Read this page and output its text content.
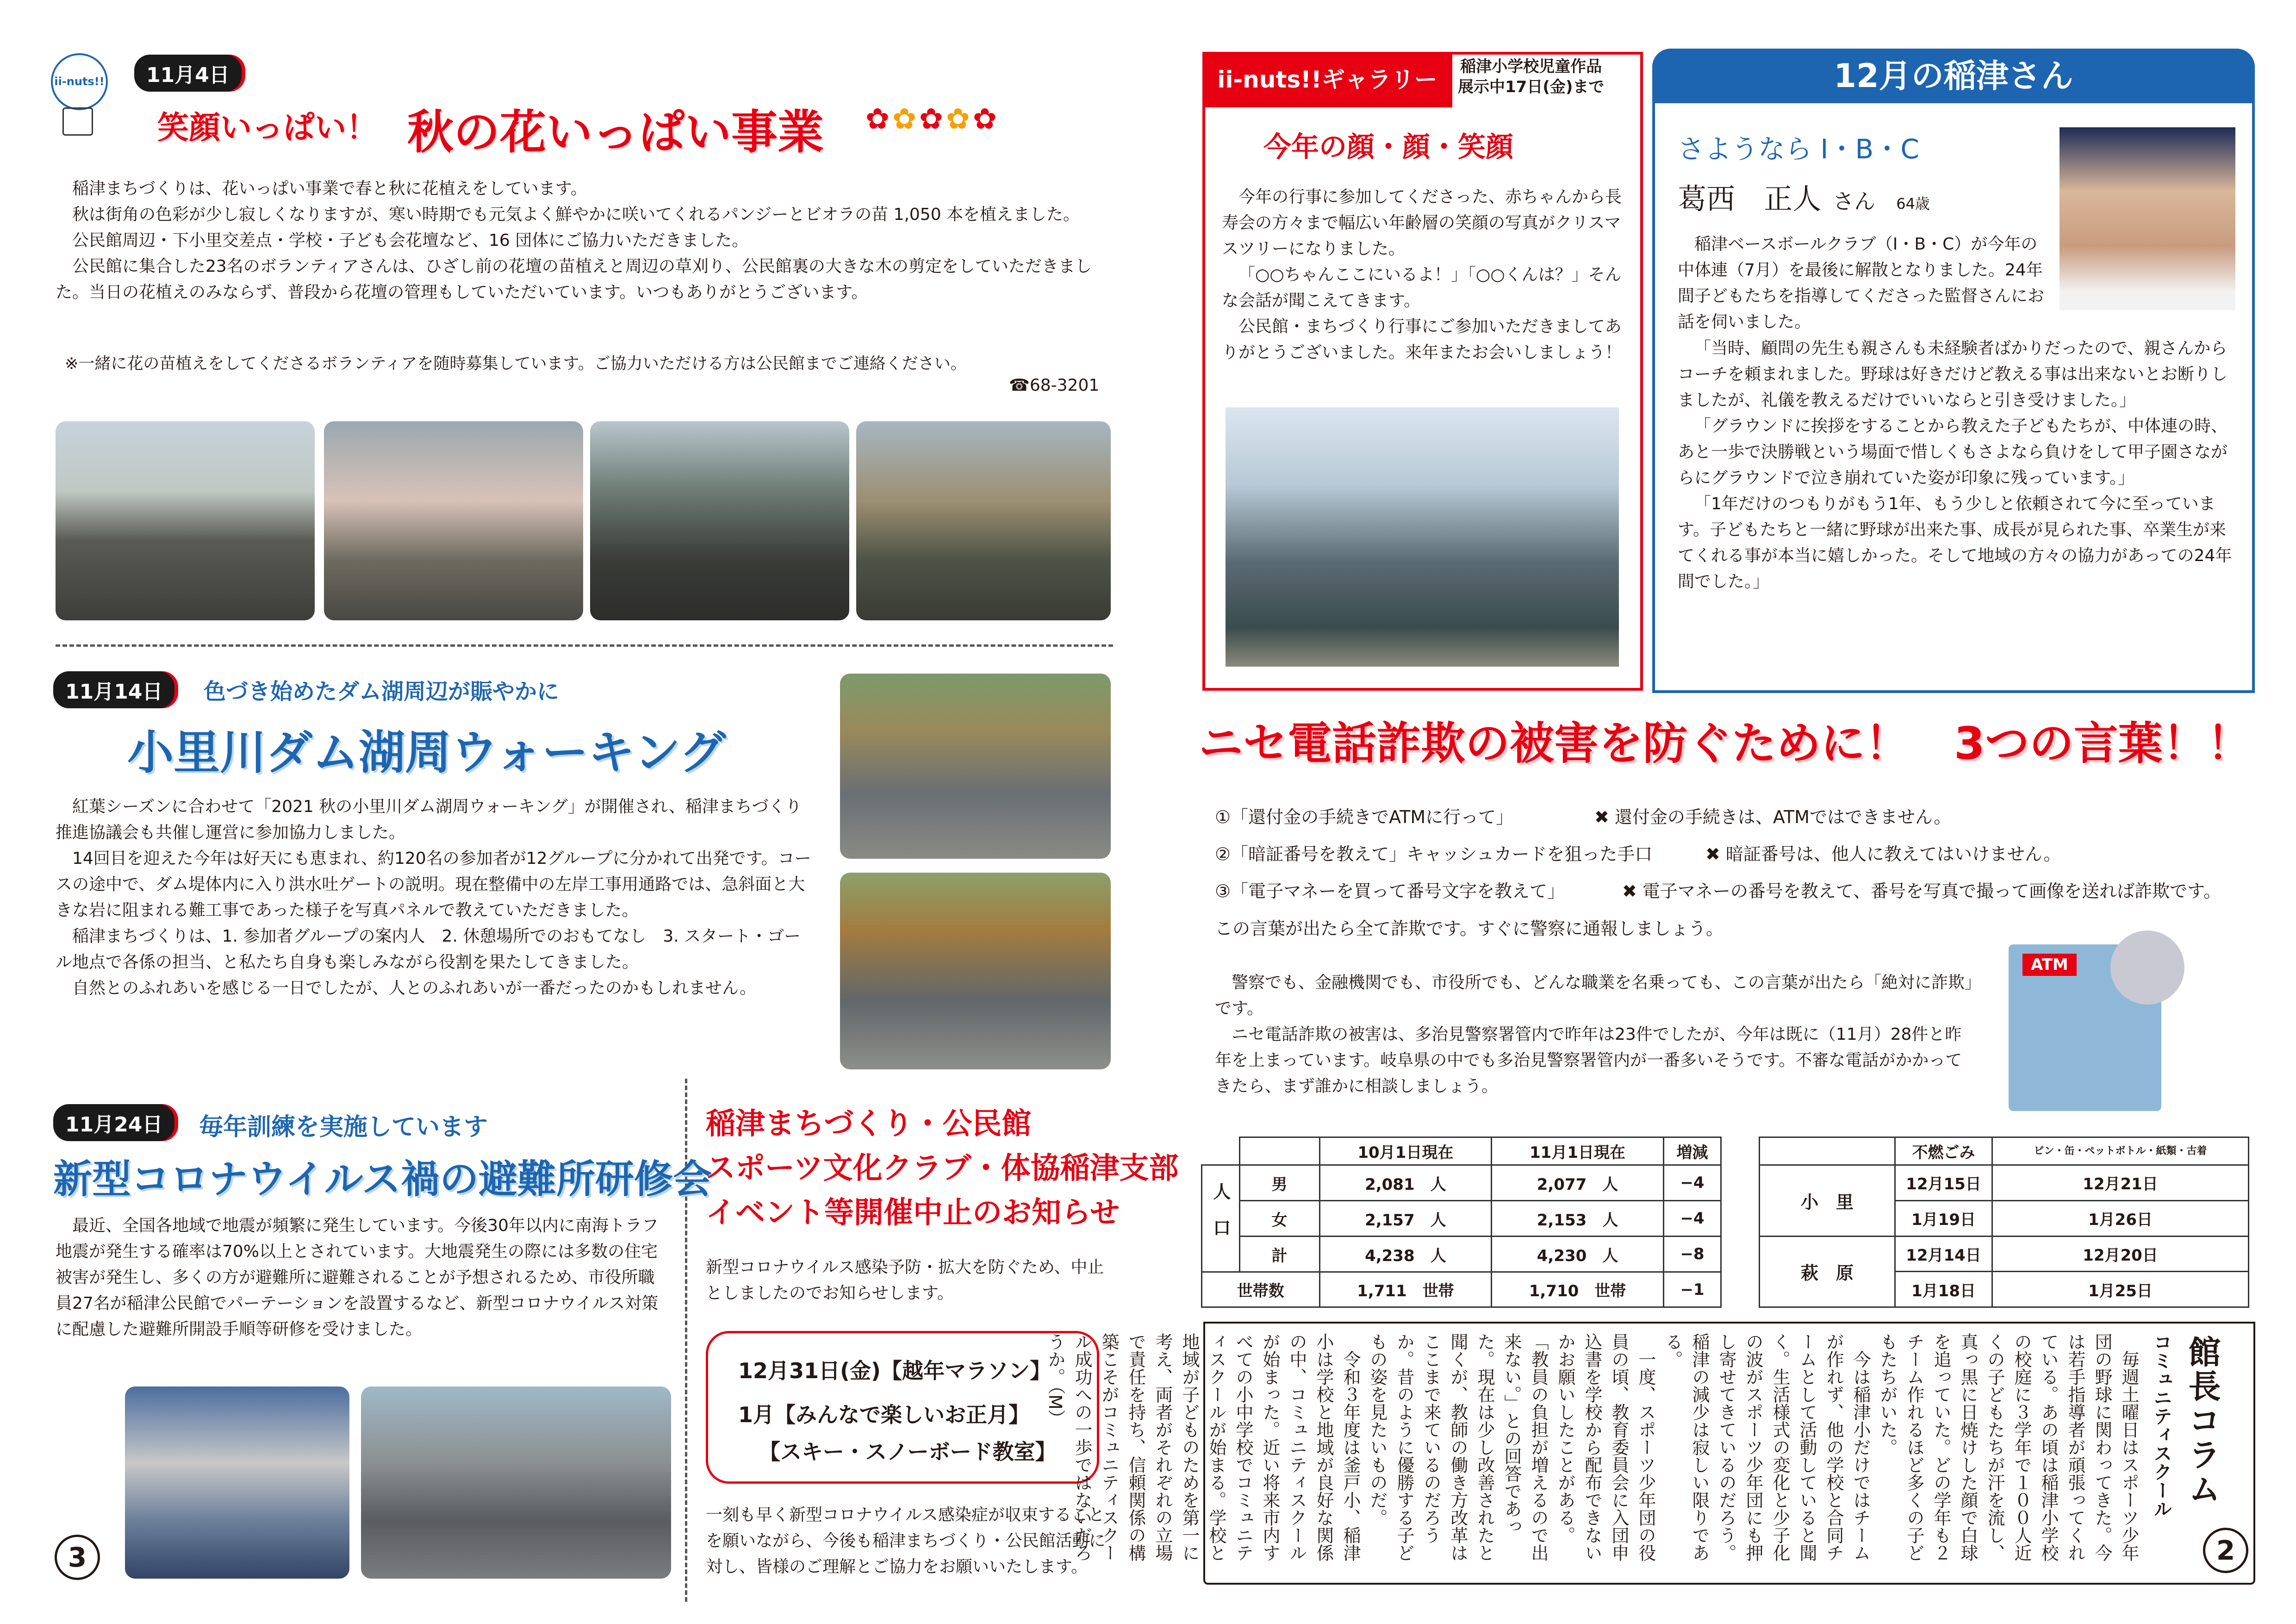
ii-nuts!!	11月4日
笑顔いっぱい！ 秋の花いっぱい事業 ✿✿✿✿✿

稲津まちづくりは、花いっぱい事業で春と秋に花植えをしています。

秋は街角の色彩が少し寂しくなりますが、寒い時期でも元気よく鮮やかに咲いてくれるパンジーとビオラの苗 1,050 本を植えました。

公民館周辺・下小里交差点・学校・子ども会花壇など、16 団体にご協力いただきました。

公民館に集合した23名のボランティアさんは、ひざし前の花壇の苗植えと周辺の草刈り、公民館裏の大きな木の剪定をしていただきました。当日の花植えのみならず、普段から花壇の管理もしていただいています。いつもありがとうございます。

※一緒に花の苗植えをしてくださるボランティアを随時募集しています。ご協力いただける方は公民館までご連絡ください。
☎68-3201
11月14日	色づき始めたダム湖周辺が賑やかに
小里川ダム湖周ウォーキング

紅葉シーズンに合わせて「2021 秋の小里川ダム湖周ウォーキング」が開催され、稲津まちづくり推進協議会も共催し運営に参加協力しました。

14回目を迎えた今年は好天にも恵まれ、約120名の参加者が12グループに分かれて出発です。コースの途中で、ダム堤体内に入り洪水吐ゲートの説明。現在整備中の左岸工事用通路では、急斜面と大きな岩に阻まれる難工事であった様子を写真パネルで教えていただきました。

稲津まちづくりは、1. 参加者グループの案内人　2. 休憩場所でのおもてなし　3. スタート・ゴール地点で各係の担当、と私たち自身も楽しみながら役割を果たしてきました。

自然とのふれあいを感じる一日でしたが、人とのふれあいが一番だったのかもしれません。

11月24日	毎年訓練を実施しています
新型コロナウイルス禍の避難所研修会

最近、全国各地域で地震が頻繁に発生しています。今後30年以内に南海トラフ地震が発生する確率は70%以上とされています。大地震発生の際には多数の住宅被害が発生し、多くの方が避難所に避難されることが予想されるため、市役所職員27名が稲津公民館でパーテーションを設置するなど、新型コロナウイルス対策に配慮した避難所開設手順等研修を受けました。

3
稲津まちづくり・公民館
スポーツ文化クラブ・体協稲津支部
イベント等開催中止のお知らせ

新型コロナウイルス感染予防・拡大を防ぐため、中止としましたのでお知らせします。

12月31日(金)【越年マラソン】
1月【みんなで楽しいお正月】
【スキー・スノーボード教室】

一刻も早く新型コロナウイルス感染症が収束することを願いながら、今後も稲津まちづくり・公民館活動に対し、皆様のご理解とご協力をお願いいたします。

ii-nuts!!ギャラリー	稲津小学校児童作品
展示中17日(金)まで
今年の顔・顔・笑顔

今年の行事に参加してくださった、赤ちゃんから長寿会の方々まで幅広い年齢層の笑顔の写真がクリスマスツリーになりました。

「○○ちゃんここにいるよ！」「○○くんは？」そんな会話が聞こえてきます。

公民館・まちづくり行事にご参加いただきましてありがとうございました。来年またお会いしましょう！

12月の稲津さん
さようなら I・B・C
葛西　正人 さん 64歳

稲津ベースボールクラブ（I・B・C）が今年の中体連（7月）を最後に解散となりました。24年間子どもたちを指導してくださった監督さんにお話を伺いました。

「当時、顧問の先生も親さんも未経験者ばかりだったので、親さんからコーチを頼まれました。野球は好きだけど教える事は出来ないとお断りしましたが、礼儀を教えるだけでいいならと引き受けました。」

「グラウンドに挨拶をすることから教えた子どもたちが、中体連の時、あと一歩で決勝戦という場面で惜しくもさよなら負けをして甲子園さながらにグラウンドで泣き崩れていた姿が印象に残っています。」

「1年だけのつもりがもう1年、もう少しと依頼されて今に至っています。子どもたちと一緒に野球が出来た事、成長が見られた事、卒業生が来てくれる事が本当に嬉しかった。そして地域の方々の協力があっての24年間でした。」

ニセ電話詐欺の被害を防ぐために！　3つの言葉！！
①「還付金の手続きでATMに行って」	✖ 還付金の手続きは、ATMではできません。
②「暗証番号を教えて」キャッシュカードを狙った手口	✖ 暗証番号は、他人に教えてはいけません。
③「電子マネーを買って番号文字を教えて」	✖ 電子マネーの番号を教えて、番号を写真で撮って画像を送れば詐欺です。
この言葉が出たら全て詐欺です。すぐに警察に通報しましょう。

警察でも、金融機関でも、市役所でも、どんな職業を名乗っても、この言葉が出たら「絶対に詐欺」です。

ニセ電話詐欺の被害は、多治見警察署管内で昨年は23件でしたが、今年は既に（11月）28件と昨年を上まっています。岐阜県の中でも多治見警察署管内が一番多いそうです。不審な電話がかかってきたら、まず誰かに相談しましょう。

ATM
		10月1日現在	11月1日現在	増減
人口	男	2,081　人	2,077　人	−4
	女	2,157　人	2,153　人	−4
	計	4,238　人	4,230　人	−8
世帯数		1,711　世帯	1,710　世帯	−1
	不燃ごみ	ビン・缶・ペットボトル・紙類・古着
小　里	12月15日	12月21日
	1月19日	1月26日
萩　原	12月14日	12月20日
	1月18日	1月25日
館長コラム
コミュニティスクール

毎週土曜日はスポーツ少年団の野球に関わってきた。今は若手指導者が頑張ってくれている。あの頃は稲津小学校

の校庭に３学年で１００人近くの子どもたちが汗を流し、真っ黒に日焼けした顔で白球を追っていた。どの学年も２チーム作れるほど多くの子どもたちがいた。

今は稲津小だけではチームが作れず、他の学校と合同チームとして活動していると聞く。生活様式の変化と少子化の波がスポーツ少年団にも押し寄せてきているのだろう。稲津の減少は寂しい限りである。

一度、スポーツ少年団の役員の頃、教育委員会に入団申込書を学校から配布できないかお願いしたことがある。「教員の負担が増えるので出来ない。」との回答であった。現在は少し改善されたと聞くが、教師の働き方改革はここまで来ているのだろうか。昔のように優勝する子どもの姿を見たいものだ。

令和３年度は釜戸小、稲津小は学校と地域が良好な関係の中、コミュニティスクールが始まった。近い将来市内すべての小中学校でコミュニティスクールが始まる。学校と地域が子どものためを第一に考え、両者がそれぞれの立場で責任を持ち、信頼関係の構築こそがコミュニティスクール成功への一歩ではないだろうか。（M）

2
